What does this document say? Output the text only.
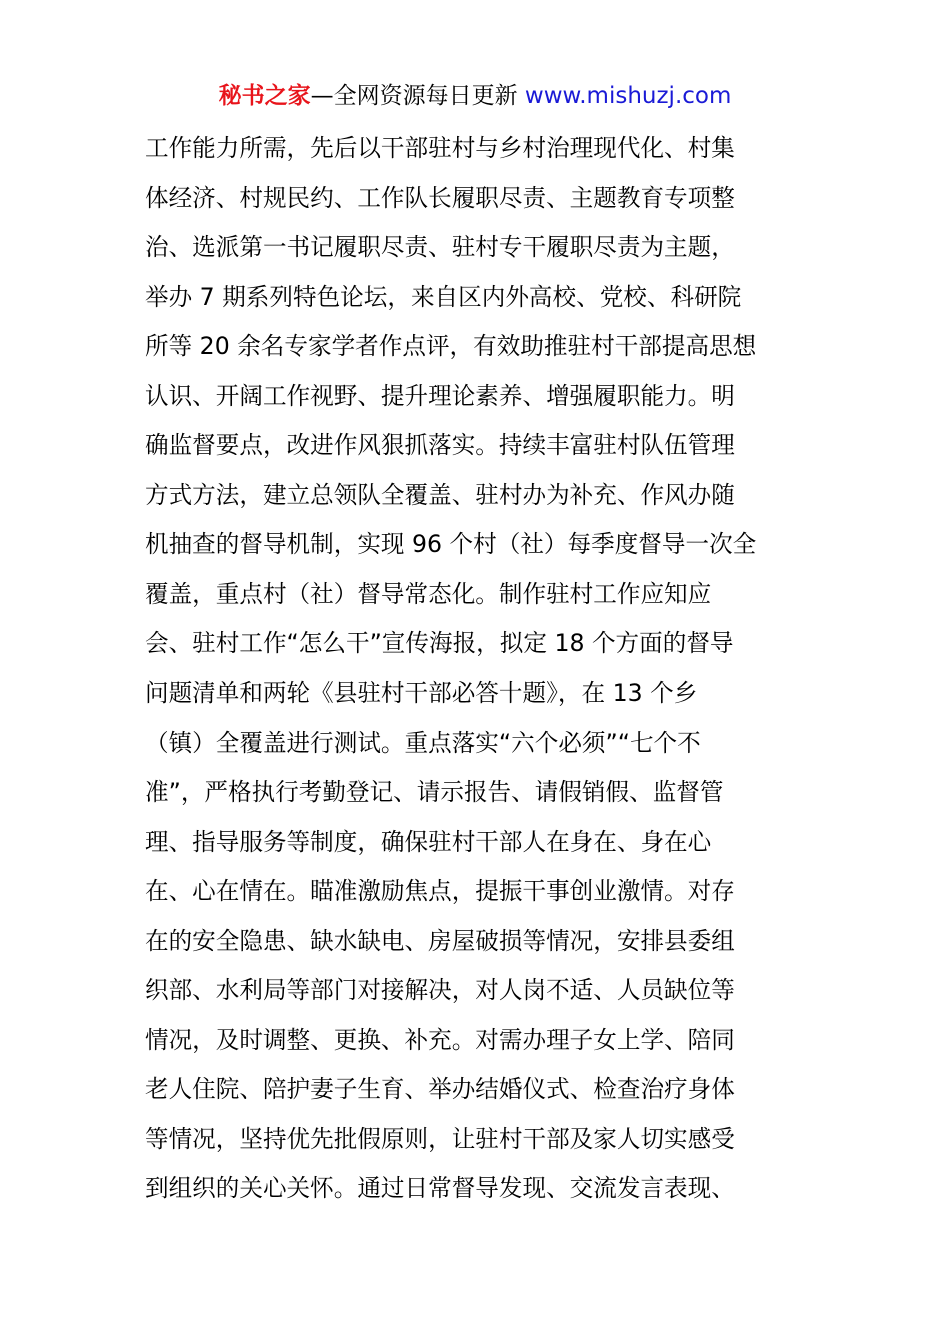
秘书之家—全网资源每日更新 www.mishuzj.com
工作能力所需，先后以干部驻村与乡村治理现代化、村集
体经济、村规民约、工作队长履职尽责、主题教育专项整
治、选派第一书记履职尽责、驻村专干履职尽责为主题，
举办 7 期系列特色论坛，来自区内外高校、党校、科研院
所等 20 余名专家学者作点评，有效助推驻村干部提高思想
认识、开阔工作视野、提升理论素养、增强履职能力。明
确监督要点，改进作风狠抓落实。持续丰富驻村队伍管理
方式方法，建立总领队全覆盖、驻村办为补充、作风办随
机抽查的督导机制，实现 96 个村（社）每季度督导一次全
覆盖，重点村（社）督导常态化。制作驻村工作应知应
会、驻村工作“怎么干”宣传海报，拟定 18 个方面的督导
问题清单和两轮《县驻村干部必答十题》，在 13 个乡
（镇）全覆盖进行测试。重点落实“六个必须”“七个不
准”，严格执行考勤登记、请示报告、请假销假、监督管
理、指导服务等制度，确保驻村干部人在身在、身在心
在、心在情在。瞄准激励焦点，提振干事创业激情。对存
在的安全隐患、缺水缺电、房屋破损等情况，安排县委组
织部、水利局等部门对接解决，对人岗不适、人员缺位等
情况，及时调整、更换、补充。对需办理子女上学、陪同
老人住院、陪护妻子生育、举办结婚仪式、检查治疗身体
等情况，坚持优先批假原则，让驻村干部及家人切实感受
到组织的关心关怀。通过日常督导发现、交流发言表现、
